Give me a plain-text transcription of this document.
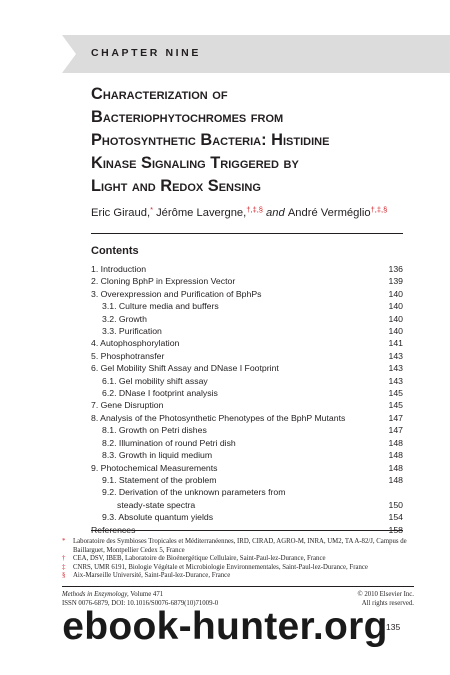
CHAPTER NINE
Characterization of
Bacteriophytochromes from
Photosynthetic Bacteria: Histidine
Kinase Signaling Triggered by
Light and Redox Sensing
Eric Giraud,* Jérôme Lavergne,†,‡,§ and André Verméglio†,‡,§
Contents
1. Introduction	136
2. Cloning BphP in Expression Vector	139
3. Overexpression and Purification of BphPs	140
3.1. Culture media and buffers	140
3.2. Growth	140
3.3. Purification	140
4. Autophosphorylation	141
5. Phosphotransfer	143
6. Gel Mobility Shift Assay and DNase I Footprint	143
6.1. Gel mobility shift assay	143
6.2. DNase I footprint analysis	145
7. Gene Disruption	145
8. Analysis of the Photosynthetic Phenotypes of the BphP Mutants	147
8.1. Growth on Petri dishes	147
8.2. Illumination of round Petri dish	148
8.3. Growth in liquid medium	148
9. Photochemical Measurements	148
9.1. Statement of the problem	148
9.2. Derivation of the unknown parameters from
steady-state spectra	150
9.3. Absolute quantum yields	154
References	158
* Laboratoire des Symbioses Tropicales et Méditerranéennes, IRD, CIRAD, AGRO-M, INRA, UM2, TA A-82/J, Campus de Baillarguet, Montpellier Cedex 5, France
† CEA, DSV, IBEB, Laboratoire de Bioénergétique Cellulaire, Saint-Paul-lez-Durance, France
‡ CNRS, UMR 6191, Biologie Végétale et Microbiologie Environnementales, Saint-Paul-lez-Durance, France
§ Aix-Marseille Université, Saint-Paul-lez-Durance, France
Methods in Enzymology, Volume 471	© 2010 Elsevier Inc.
ISSN 0076-6879, DOI: 10.1016/S0076-6879(10)71009-0	All rights reserved.
135
ebook-hunter.org
